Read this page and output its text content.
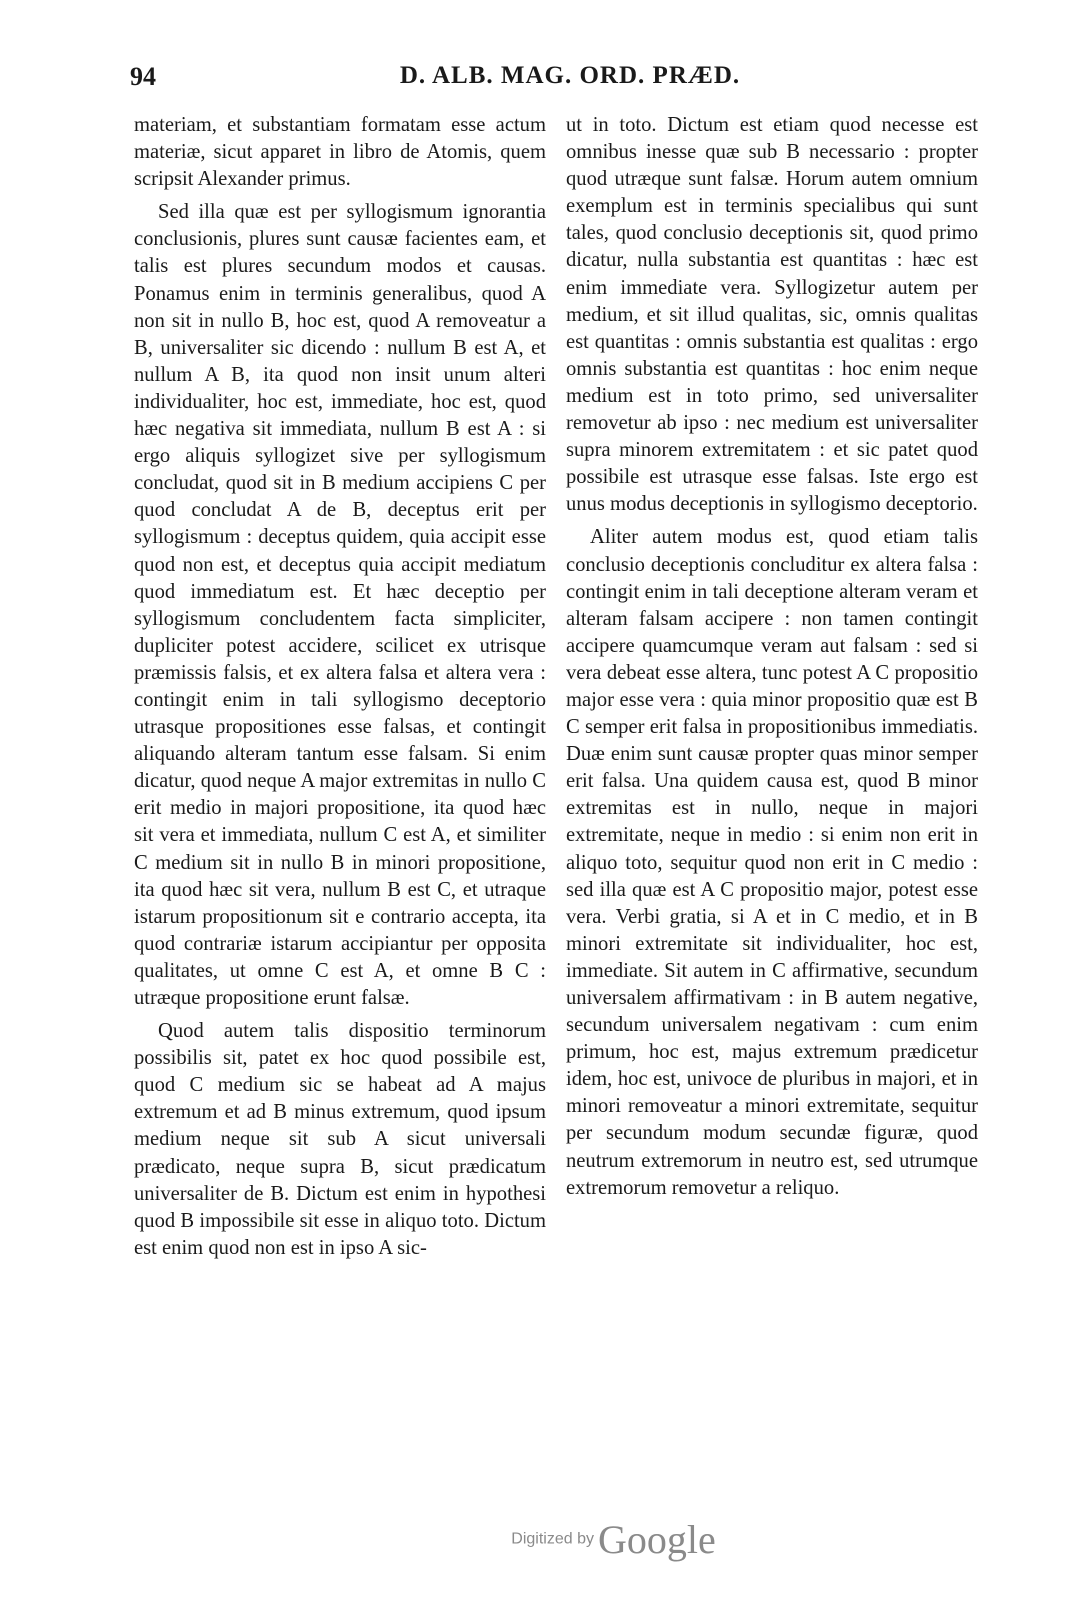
94	D. ALB. MAG. ORD. PRÆD.

materiam, et substantiam formatam esse actum materiæ, sicut apparet in libro de Atomis, quem scripsit Alexander primus.

Sed illa quæ est per syllogismum ignorantia conclusionis, plures sunt causæ facientes eam, et talis est plures secundum modos et causas. Ponamus enim in terminis generalibus, quod A non sit in nullo B, hoc est, quod A removeatur a B, universaliter sic dicendo : nullum B est A, et nullum A B, ita quod non insit unum alteri individualiter, hoc est, immediate, hoc est, quod hæc negativa sit immediata, nullum B est A : si ergo aliquis syllogizet sive per syllogismum concludat, quod sit in B medium accipiens C per quod concludat A de B, deceptus erit per syllogismum : deceptus quidem, quia accipit esse quod non est, et deceptus quia accipit mediatum quod immediatum est. Et hæc deceptio per syllogismum concludentem facta simpliciter, dupliciter potest accidere, scilicet ex utrisque præmissis falsis, et ex altera falsa et altera vera : contingit enim in tali syllogismo deceptorio utrasque propositiones esse falsas, et contingit aliquando alteram tantum esse falsam. Si enim dicatur, quod neque A major extremitas in nullo C erit medio in majori propositione, ita quod hæc sit vera et immediata, nullum C est A, et similiter C medium sit in nullo B in minori propositione, ita quod hæc sit vera, nullum B est C, et utraque istarum propositionum sit e contrario accepta, ita quod contrariæ istarum accipiantur per opposita qualitates, ut omne C est A, et omne B C : utræque propositione erunt falsæ.

Quod autem talis dispositio terminorum possibilis sit, patet ex hoc quod possibile est, quod C medium sic se habeat ad A majus extremum et ad B minus extremum, quod ipsum medium neque sit sub A sicut universali prædicato, neque supra B, sicut prædicatum universaliter de B. Dictum est enim in hypothesi quod B impossibile sit esse in aliquo toto. Dictum est enim quod non est in ipso A sic-

ut in toto. Dictum est etiam quod necesse est omnibus inesse quæ sub B necessario : propter quod utræque sunt falsæ. Horum autem omnium exemplum est in terminis specialibus qui sunt tales, quod conclusio deceptionis sit, quod primo dicatur, nulla substantia est quantitas : hæc est enim immediate vera. Syllogizetur autem per medium, et sit illud qualitas, sic, omnis qualitas est quantitas : omnis substantia est qualitas : ergo omnis substantia est quantitas : hoc enim neque medium est in toto primo, sed universaliter removetur ab ipso : nec medium est universaliter supra minorem extremitatem : et sic patet quod possibile est utrasque esse falsas. Iste ergo est unus modus deceptionis in syllogismo deceptorio.

Aliter autem modus est, quod etiam talis conclusio deceptionis concluditur ex altera falsa : contingit enim in tali deceptione alteram veram et alteram falsam accipere : non tamen contingit accipere quamcumque veram aut falsam : sed si vera debeat esse altera, tunc potest A C propositio major esse vera : quia minor propositio quæ est B C semper erit falsa in propositionibus immediatis. Duæ enim sunt causæ propter quas minor semper erit falsa. Una quidem causa est, quod B minor extremitas est in nullo, neque in majori extremitate, neque in medio : si enim non erit in aliquo toto, sequitur quod non erit in C medio : sed illa quæ est A C propositio major, potest esse vera. Verbi gratia, si A et in C medio, et in B minori extremitate sit individualiter, hoc est, immediate. Sit autem in C affirmative, secundum universalem affirmativam : in B autem negative, secundum universalem negativam : cum enim primum, hoc est, majus extremum prædicetur idem, hoc est, univoce de pluribus in majori, et in minori removeatur a minori extremitate, sequitur per secundum modum secundæ figuræ, quod neutrum extremorum in neutro est, sed utrumque extremorum removetur a reliquo.

Digitized by Google
